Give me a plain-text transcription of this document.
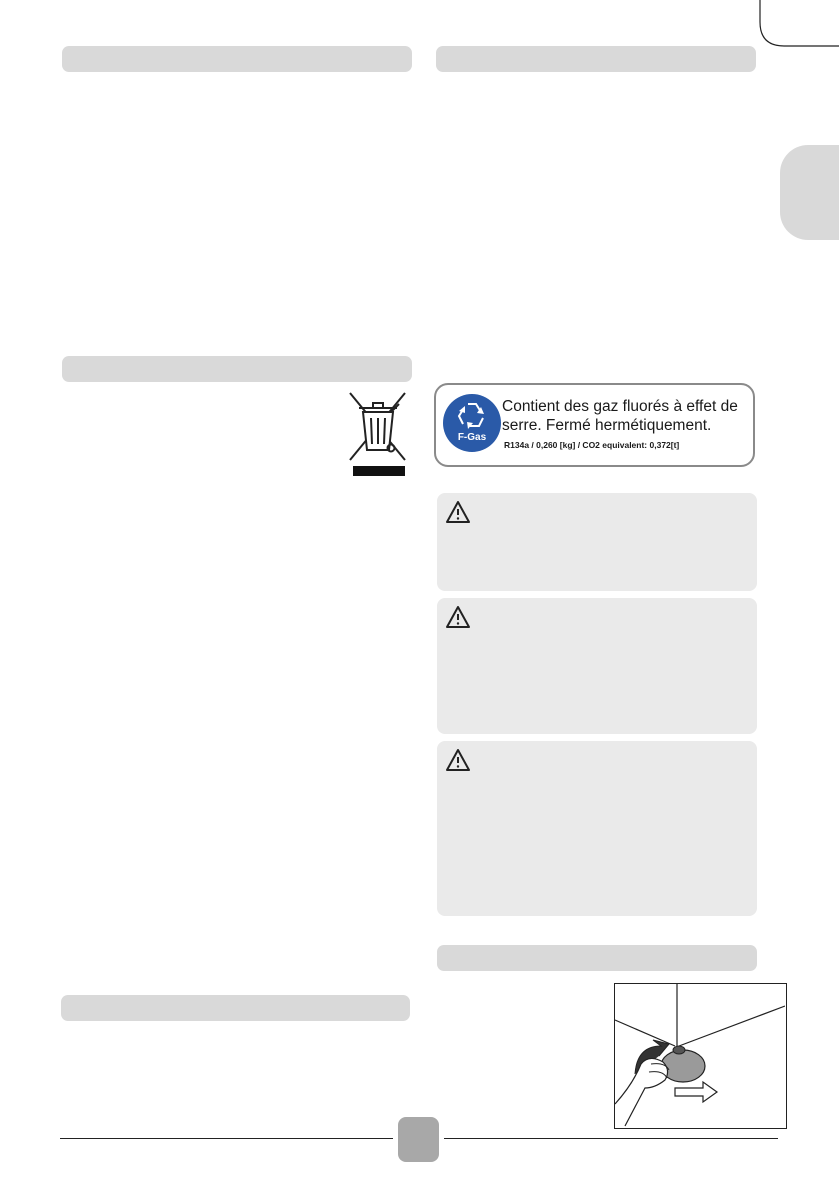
F-Gas
Contient des gaz fluorés à effet de serre. Fermé hermétiquement.
R134a / 0,260 [kg] / CO2 equivalent: 0,372[t]
